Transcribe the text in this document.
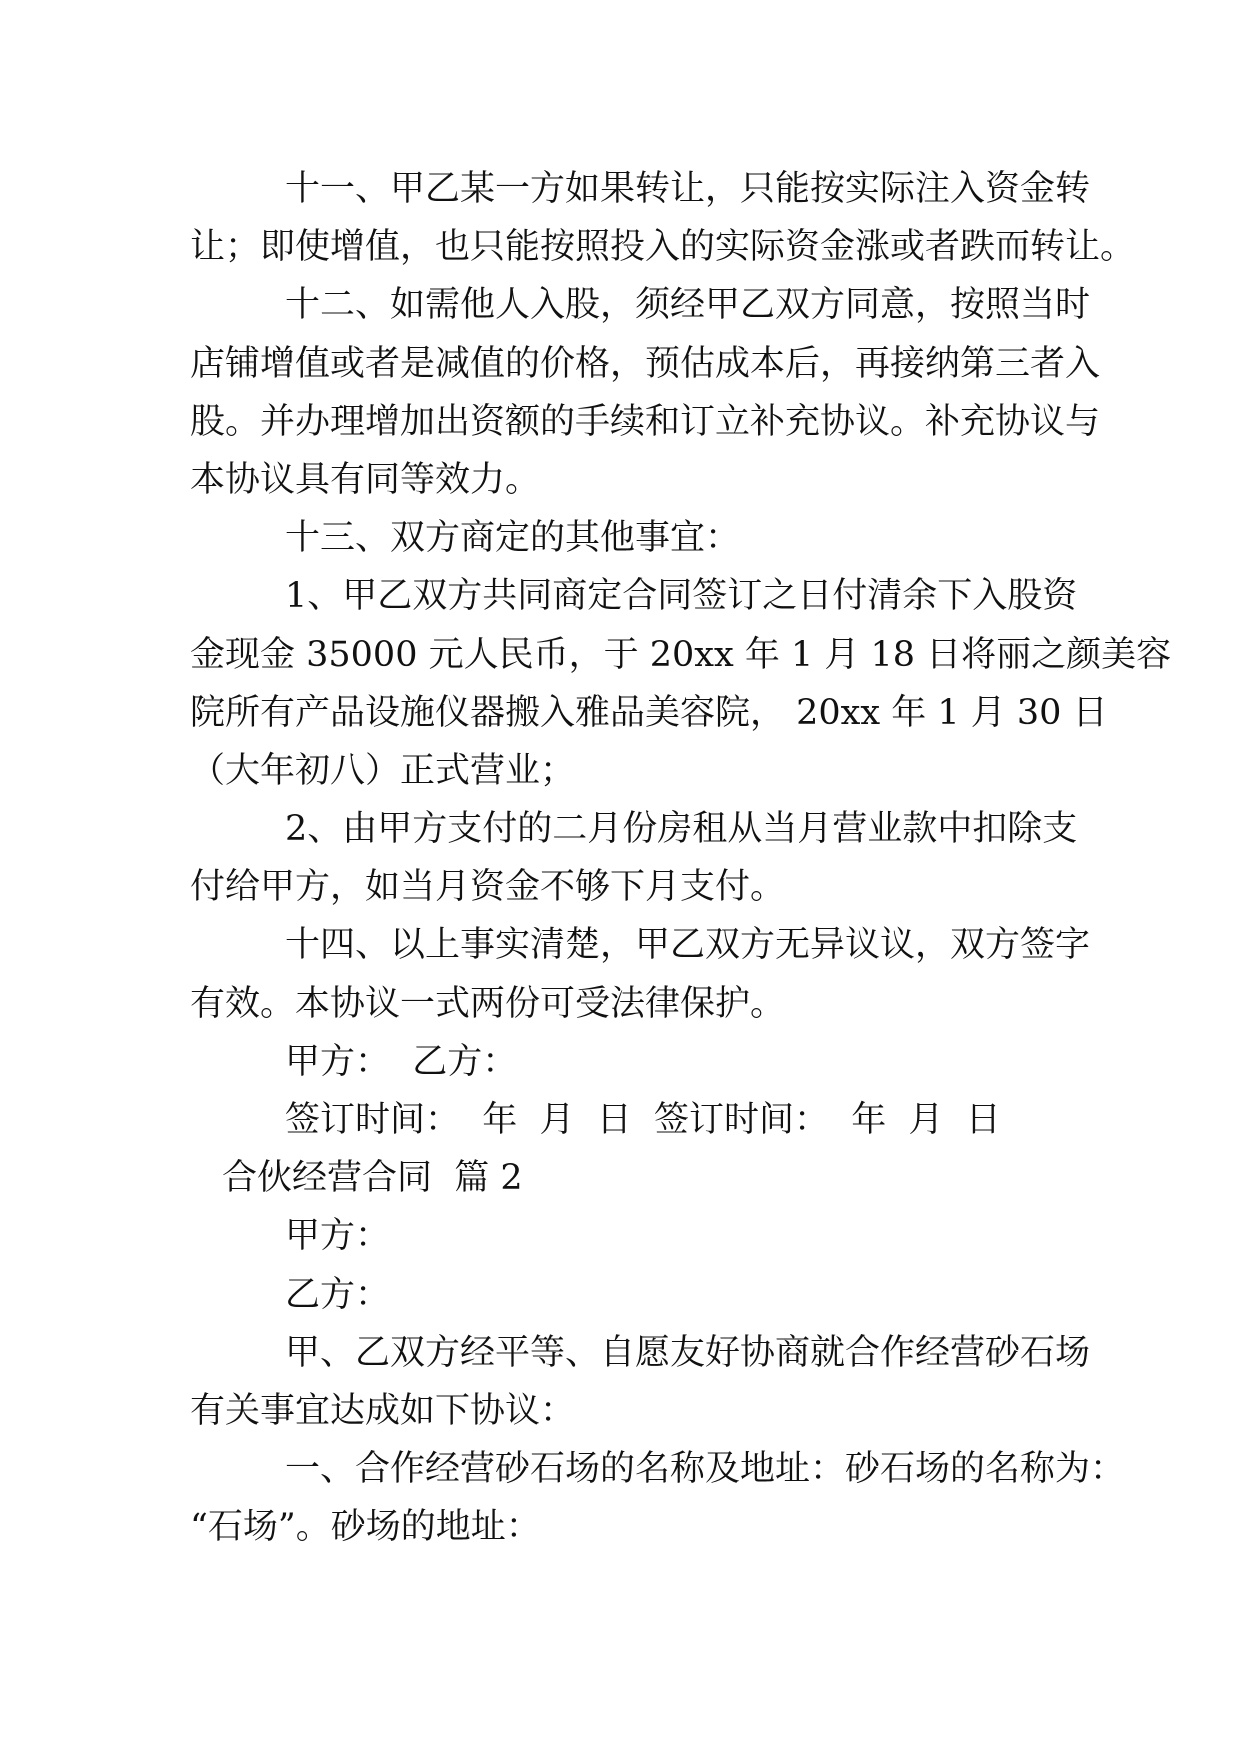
十一、甲乙某一方如果转让，只能按实际注入资金转
让；即使增值，也只能按照投入的实际资金涨或者跌而转让。
十二、如需他人入股，须经甲乙双方同意，按照当时
店铺增值或者是减值的价格，预估成本后，再接纳第三者入
股。并办理增加出资额的手续和订立补充协议。补充协议与
本协议具有同等效力。
十三、双方商定的其他事宜：
1、甲乙双方共同商定合同签订之日付清余下入股资
金现金 35000 元人民币，于 20xx 年 1 月 18 日将丽之颜美容
院所有产品设施仪器搬入雅品美容院， 20xx 年 1 月 30 日
（大年初八）正式营业；
2、由甲方支付的二月份房租从当月营业款中扣除支
付给甲方，如当月资金不够下月支付。
十四、以上事实清楚，甲乙双方无异议议，双方签字
有效。本协议一式两份可受法律保护。
甲方：  乙方：
签订时间：  年  月  日  签订时间：  年  月  日
合伙经营合同  篇 2
甲方：
乙方：
甲、乙双方经平等、自愿友好协商就合作经营砂石场
有关事宜达成如下协议：
一、合作经营砂石场的名称及地址：砂石场的名称为：
“石场”。砂场的地址：
